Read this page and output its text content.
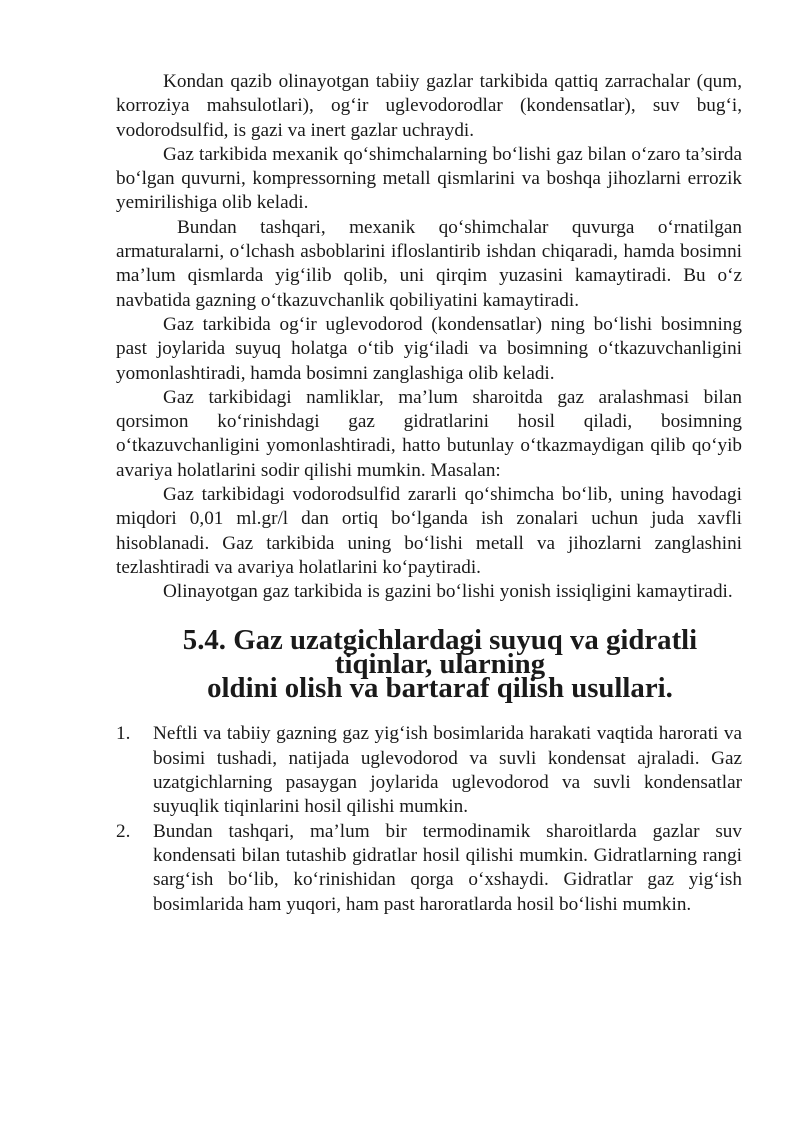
Kondan qazib olinayotgan tabiiy gazlar tarkibida qattiq zarrachalar (qum, korroziya mahsulotlari), og‘ir uglevodorodlar (kondensatlar), suv bug‘i, vodorodsulfid, is gazi va inert gazlar uchraydi.

Gaz tarkibida mexanik qo‘shimchalarning bo‘lishi gaz bilan o‘zaro ta’sirda bo‘lgan quvurni, kompressorning metall qismlarini va boshqa jihozlarni errozik yemirilishiga olib keladi.

Bundan tashqari, mexanik qo‘shimchalar quvurga o‘rnatilgan armaturalarni, o‘lchash asboblarini ifloslantirib ishdan chiqaradi, hamda bosimni ma’lum qismlarda yig‘ilib qolib, uni qirqim yuzasini kamaytiradi. Bu o‘z navbatida gazning o‘tkazuvchanlik qobiliyatini kamaytiradi.

Gaz tarkibida og‘ir uglevodorod (kondensatlar) ning bo‘lishi bosimning past joylarida suyuq holatga o‘tib yig‘iladi va bosimning o‘tkazuvchanligini yomonlashtiradi, hamda bosimni zanglashiga olib keladi.

Gaz tarkibidagi namliklar, ma’lum sharoitda gaz aralashmasi bilan qorsimon ko‘rinishdagi gaz gidratlarini hosil qiladi, bosimning o‘tkazuvchanligini yomonlashtiradi, hatto butunlay o‘tkazmaydigan qilib qo‘yib avariya holatlarini sodir qilishi mumkin. Masalan:

Gaz tarkibidagi vodorodsulfid zararli qo‘shimcha bo‘lib, uning havodagi miqdori 0,01 ml.gr/l dan ortiq bo‘lganda ish zonalari uchun juda xavfli hisoblanadi. Gaz tarkibida uning bo‘lishi metall va jihozlarni zanglashini tezlashtiradi va avariya holatlarini ko‘paytiradi.

Olinayotgan gaz tarkibida is gazini bo‘lishi yonish issiqligini kamaytiradi.

5.4. Gaz uzatgichlardagi suyuq va gidratli tiqinlar, ularning
oldini olish va bartaraf qilish usullari.
1. Neftli va tabiiy gazning gaz yig‘ish bosimlarida harakati vaqtida harorati va bosimi tushadi, natijada uglevodorod va suvli kondensat ajraladi. Gaz uzatgichlarning pasaygan joylarida uglevodorod va suvli kondensatlar suyuqlik tiqinlarini hosil qilishi mumkin.
2. Bundan tashqari, ma’lum bir termodinamik sharoitlarda gazlar suv kondensati bilan tutashib gidratlar hosil qilishi mumkin. Gidratlarning rangi sarg‘ish bo‘lib, ko‘rinishidan qorga o‘xshaydi. Gidratlar gaz yig‘ish bosimlarida ham yuqori, ham past haroratlarda hosil bo‘lishi mumkin.
